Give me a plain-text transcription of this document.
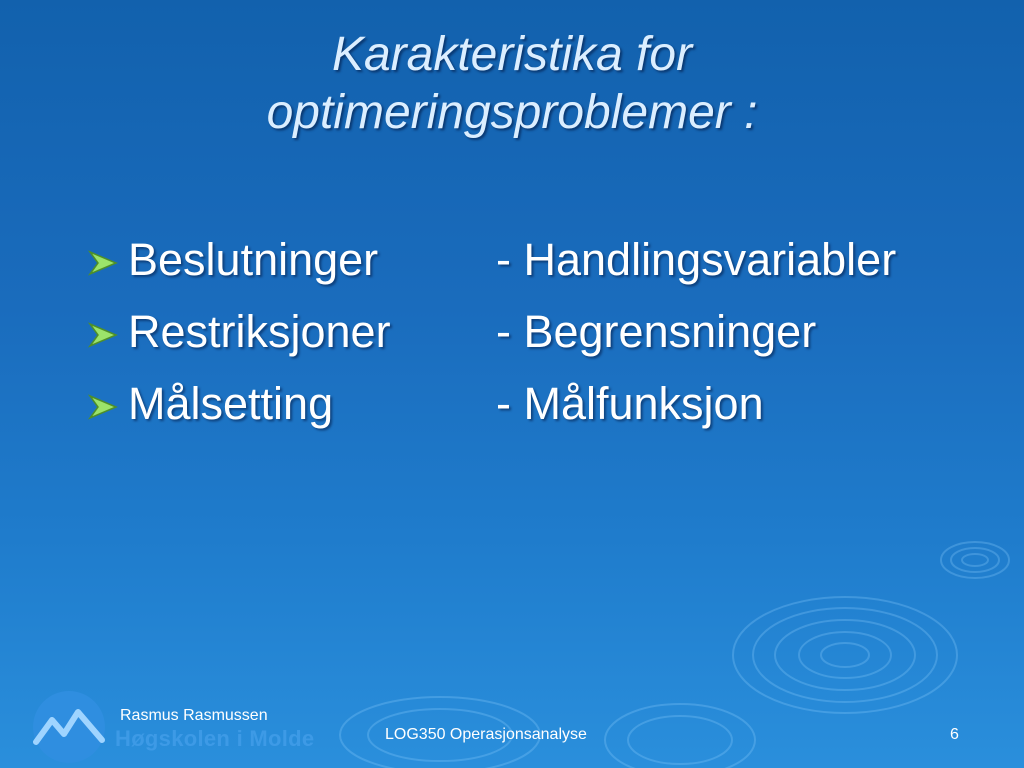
Karakteristika for
optimeringsproblemer :
Beslutninger	- Handlingsvariabler
Restriksjoner - Begrensninger
Målsetting	- Målfunksjon
Høgskolen i Molde
Rasmus Rasmussen
LOG350 Operasjonsanalyse	6
